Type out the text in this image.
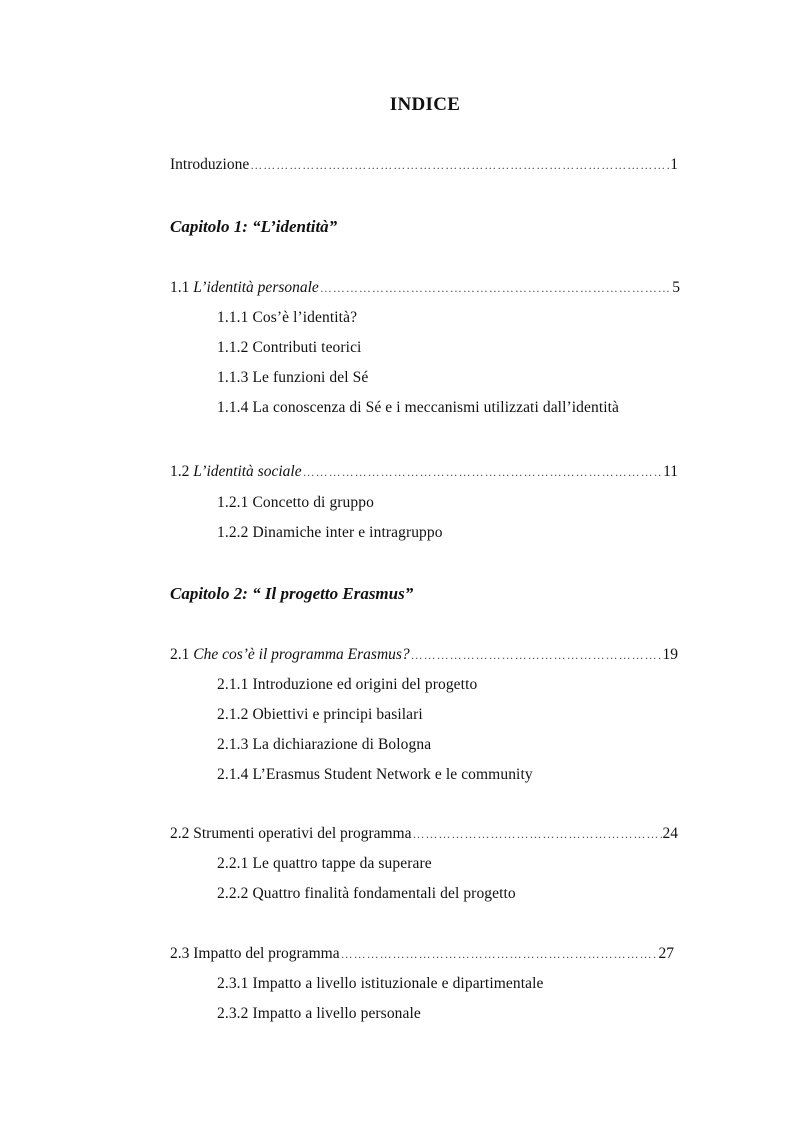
INDICE
Introduzione ……………………………………………………………………………………………………………………………………………………………	1
Capitolo 1: “L’identità”
1.1 L’identità personale ……………………………………………………………………………………………………………………………………………………………	5
1.1.1 Cos’è l’identità?
1.1.2 Contributi teorici
1.1.3 Le funzioni del Sé
1.1.4 La conoscenza di Sé e i meccanismi utilizzati dall’identità
1.2 L’identità sociale ……………………………………………………………………………………………………………………………………………………………	11
1.2.1 Concetto di gruppo
1.2.2 Dinamiche inter e intragruppo
Capitolo 2: “ Il progetto Erasmus”
2.1 Che cos’è il programma Erasmus? ……………………………………………………………………………………………………………………………………………………………	19
2.1.1 Introduzione ed origini del progetto
2.1.2 Obiettivi e principi basilari
2.1.3 La dichiarazione di Bologna
2.1.4 L’Erasmus Student Network e le community
2.2 Strumenti operativi del programma ……………………………………………………………………………………………………………………………………………………………	24
2.2.1 Le quattro tappe da superare
2.2.2 Quattro finalità fondamentali del progetto
2.3 Impatto del programma ……………………………………………………………………………………………………………………………………………………………	27
2.3.1 Impatto a livello istituzionale e dipartimentale
2.3.2 Impatto a livello personale
